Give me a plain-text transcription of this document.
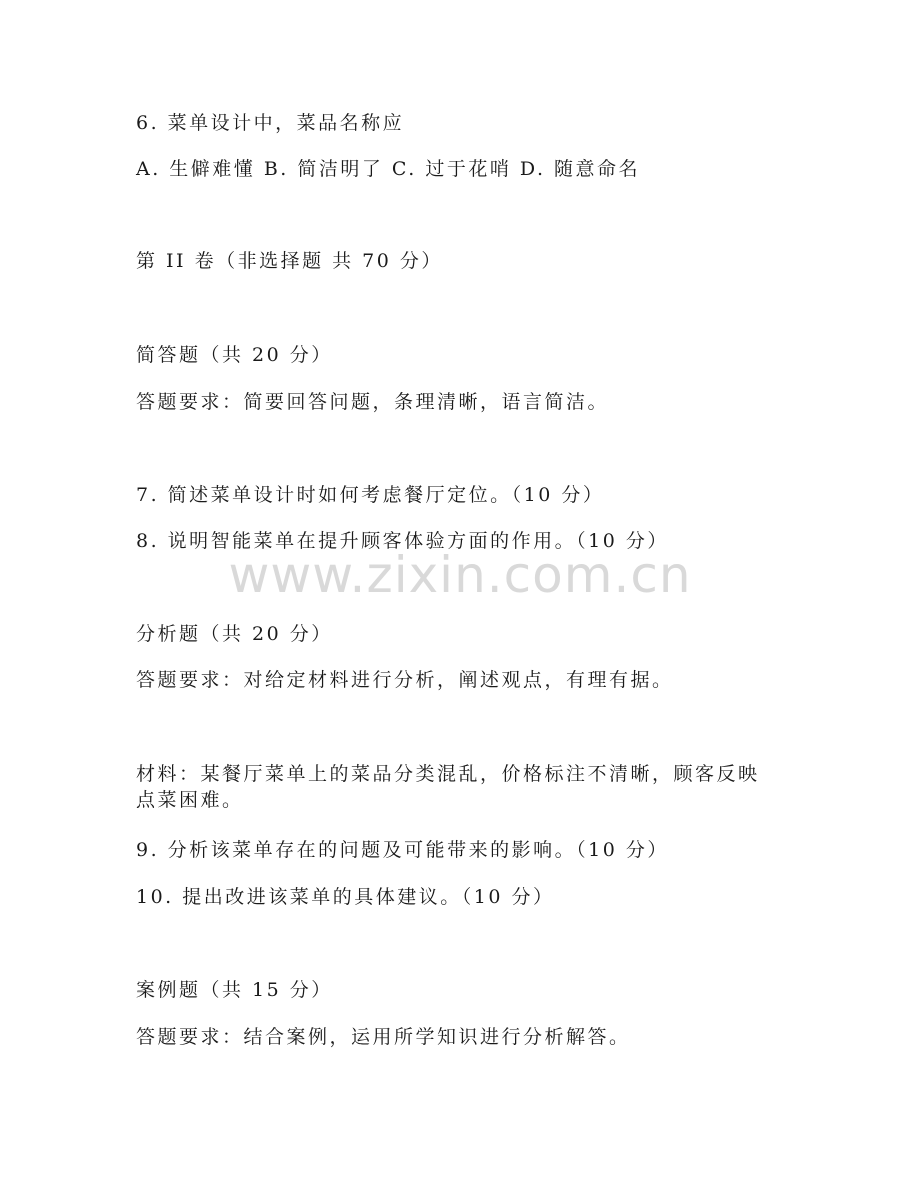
6. 菜单设计中，菜品名称应
A. 生僻难懂 B. 简洁明了 C. 过于花哨 D. 随意命名
第 II 卷（非选择题 共 70 分）
简答题（共 20 分）
答题要求：简要回答问题，条理清晰，语言简洁。
7. 简述菜单设计时如何考虑餐厅定位。（10 分）
8. 说明智能菜单在提升顾客体验方面的作用。（10 分）
www.zixin.com.cn
分析题（共 20 分）
答题要求：对给定材料进行分析，阐述观点，有理有据。
材料：某餐厅菜单上的菜品分类混乱，价格标注不清晰，顾客反映点菜困难。
9. 分析该菜单存在的问题及可能带来的影响。（10 分）
10. 提出改进该菜单的具体建议。（10 分）
案例题（共 15 分）
答题要求：结合案例，运用所学知识进行分析解答。
